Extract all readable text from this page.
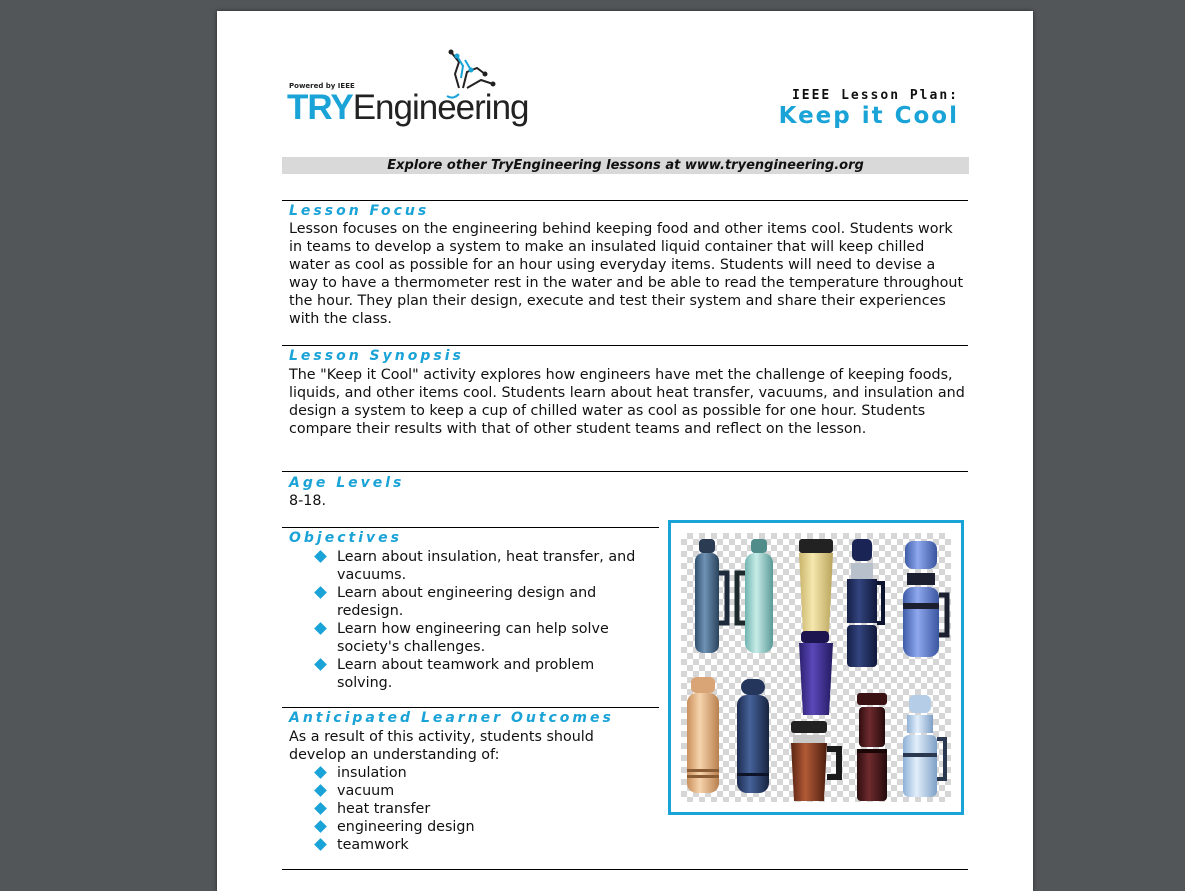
Powered by IEEE
TRYEngineering	IEEE Lesson Plan:
Keep it Cool
Explore other TryEngineering lessons at www.tryengineering.org
Lesson Focus
Lesson focuses on the engineering behind keeping food and other items cool. Students work in teams to develop a system to make an insulated liquid container that will keep chilled water as cool as possible for an hour using everyday items. Students will need to devise a way to have a thermometer rest in the water and be able to read the temperature throughout the hour. They plan their design, execute and test their system and share their experiences with the class.
Lesson Synopsis
The "Keep it Cool" activity explores how engineers have met the challenge of keeping foods, liquids, and other items cool. Students learn about heat transfer, vacuums, and insulation and design a system to keep a cup of chilled water as cool as possible for one hour. Students compare their results with that of other student teams and reflect on the lesson.
Age Levels
8-18.
Objectives
Learn about insulation, heat transfer, and vacuums.
Learn about engineering design and redesign.
Learn how engineering can help solve society's challenges.
Learn about teamwork and problem solving.
Anticipated Learner Outcomes
As a result of this activity, students should develop an understanding of:
insulation
vacuum
heat transfer
engineering design
teamwork
